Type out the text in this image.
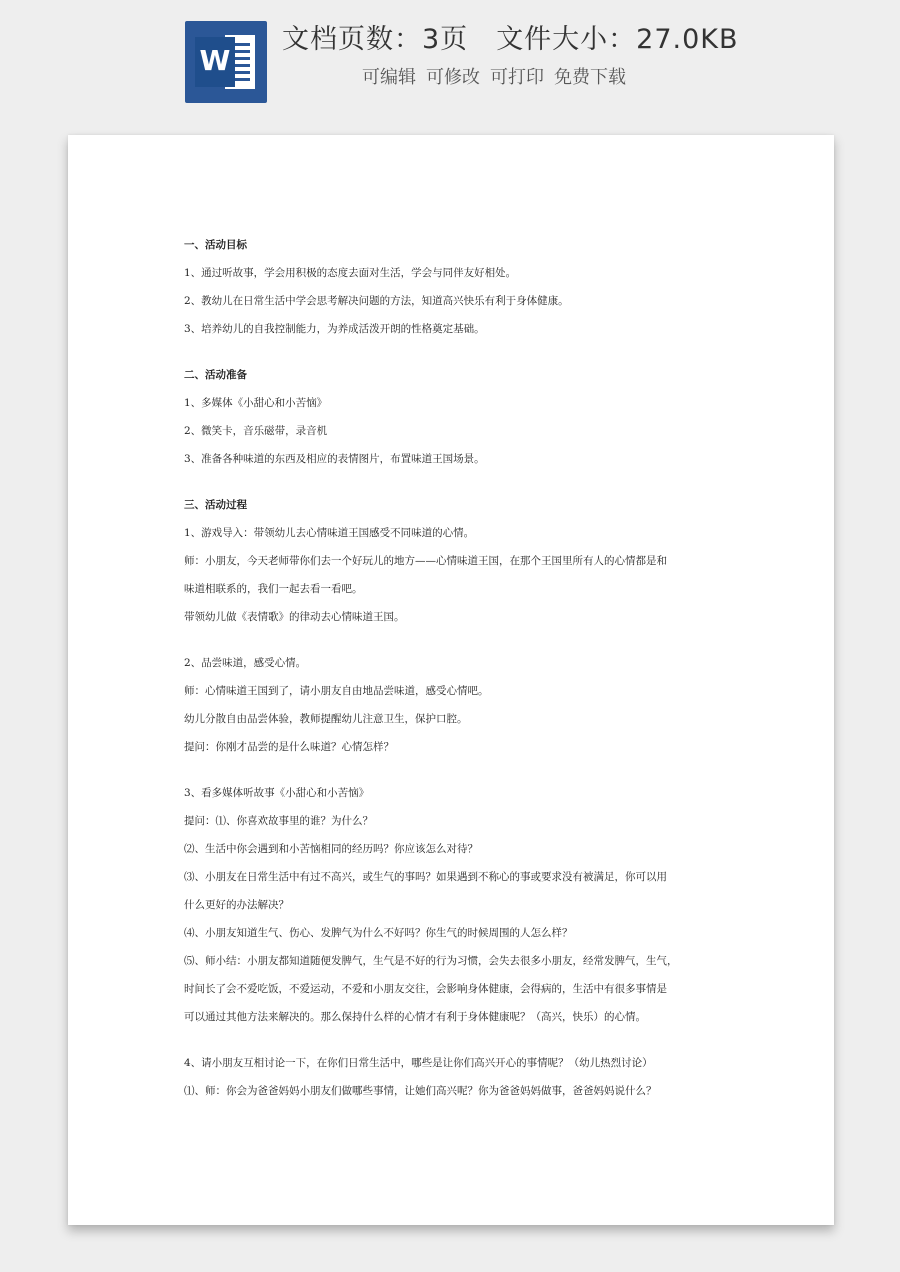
W
文档页数：3页 文件大小：27.0KB
可编辑 可修改 可打印 免费下载

一、活动目标

1、通过听故事，学会用积极的态度去面对生活，学会与同伴友好相处。

2、教幼儿在日常生活中学会思考解决问题的方法，知道高兴快乐有利于身体健康。

3、培养幼儿的自我控制能力，为养成活泼开朗的性格奠定基础。

二、活动准备

1、多媒体《小甜心和小苦恼》

2、微笑卡，音乐磁带，录音机

3、准备各种味道的东西及相应的表情图片，布置味道王国场景。

三、活动过程

1、游戏导入：带领幼儿去心情味道王国感受不同味道的心情。

师：小朋友，今天老师带你们去一个好玩儿的地方——心情味道王国，在那个王国里所有人的心情都是和

味道相联系的，我们一起去看一看吧。

带领幼儿做《表情歌》的律动去心情味道王国。

2、品尝味道，感受心情。

师：心情味道王国到了，请小朋友自由地品尝味道，感受心情吧。

幼儿分散自由品尝体验，教师提醒幼儿注意卫生，保护口腔。

提问：你刚才品尝的是什么味道？心情怎样？

3、看多媒体听故事《小甜心和小苦恼》

提问：⑴、你喜欢故事里的谁？为什么？

⑵、生活中你会遇到和小苦恼相同的经历吗？你应该怎么对待？

⑶、小朋友在日常生活中有过不高兴，或生气的事吗？如果遇到不称心的事或要求没有被满足，你可以用

什么更好的办法解决？

⑷、小朋友知道生气、伤心、发脾气为什么不好吗？你生气的时候周围的人怎么样？

⑸、师小结：小朋友都知道随便发脾气，生气是不好的行为习惯，会失去很多小朋友，经常发脾气，生气，

时间长了会不爱吃饭，不爱运动，不爱和小朋友交往，会影响身体健康，会得病的，生活中有很多事情是

可以通过其他方法来解决的。那么保持什么样的心情才有利于身体健康呢？（高兴，快乐）的心情。

4、请小朋友互相讨论一下，在你们日常生活中，哪些是让你们高兴开心的事情呢？（幼儿热烈讨论）

⑴、师：你会为爸爸妈妈小朋友们做哪些事情，让她们高兴呢？你为爸爸妈妈做事，爸爸妈妈说什么？
